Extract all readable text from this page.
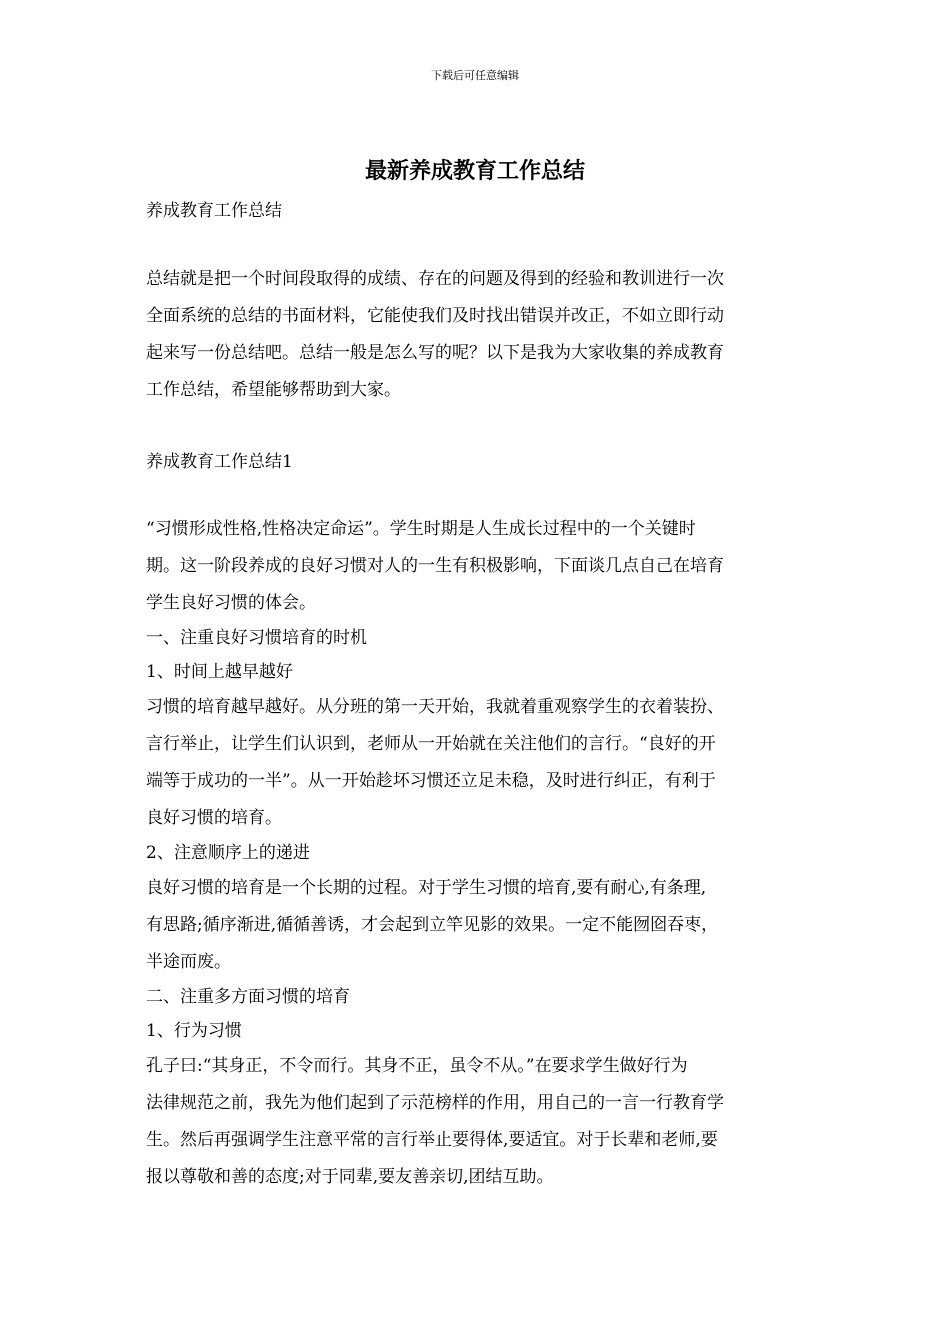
下载后可任意编辑
最新养成教育工作总结
养成教育工作总结
总结就是把一个时间段取得的成绩、存在的问题及得到的经验和教训进行一次
全面系统的总结的书面材料，它能使我们及时找出错误并改正，不如立即行动
起来写一份总结吧。总结一般是怎么写的呢？以下是我为大家收集的养成教育
工作总结，希望能够帮助到大家。
养成教育工作总结1
“习惯形成性格,性格决定命运”。学生时期是人生成长过程中的一个关键时
期。这一阶段养成的良好习惯对人的一生有积极影响，下面谈几点自己在培育
学生良好习惯的体会。
一、注重良好习惯培育的时机
1、时间上越早越好
习惯的培育越早越好。从分班的第一天开始，我就着重观察学生的衣着装扮、
言行举止，让学生们认识到，老师从一开始就在关注他们的言行。“良好的开
端等于成功的一半”。从一开始趁坏习惯还立足未稳，及时进行纠正，有利于
良好习惯的培育。
2、注意顺序上的递进
良好习惯的培育是一个长期的过程。对于学生习惯的培育,要有耐心,有条理,
有思路;循序渐进,循循善诱，才会起到立竿见影的效果。一定不能囫囵吞枣，
半途而废。
二、注重多方面习惯的培育
1、行为习惯
孔子曰:“其身正，不令而行。其身不正，虽令不从。”在要求学生做好行为
法律规范之前，我先为他们起到了示范榜样的作用，用自己的一言一行教育学
生。然后再强调学生注意平常的言行举止要得体,要适宜。对于长辈和老师,要
报以尊敬和善的态度;对于同辈,要友善亲切,团结互助。
